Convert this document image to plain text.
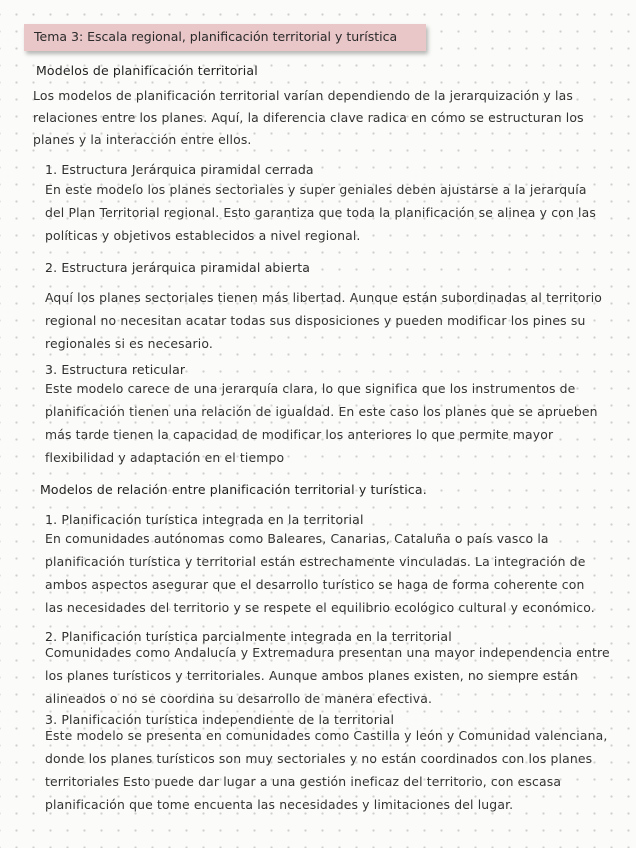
Tema 3: Escala regional, planificación territorial y turística
Modelos de planificación territorial
Los modelos de planificación territorial varían dependiendo de la jerarquización y las
relaciones entre los planes. Aquí, la diferencia clave radica en cómo se estructuran los
planes y la interacción entre ellos.
1. Estructura Jerárquica piramidal cerrada
En este modelo los planes sectoriales y super geniales deben ajustarse a la jerarquía
del Plan Territorial regional. Esto garantiza que toda la planificación se alinea y con las
políticas y objetivos establecidos a nivel regional.
2. Estructura jerárquica piramidal abierta
Aquí los planes sectoriales tienen más libertad. Aunque están subordinadas al territorio
regional no necesitan acatar todas sus disposiciones y pueden modificar los pines su
regionales si es necesario.
3. Estructura reticular
Este modelo carece de una jerarquía clara, lo que significa que los instrumentos de
planificación tienen una relación de igualdad. En este caso los planes que se aprueben
más tarde tienen la capacidad de modificar los anteriores lo que permite mayor
flexibilidad y adaptación en el tiempo
Modelos de relación entre planificación territorial y turística.
1. Planificación turística integrada en la territorial
En comunidades autónomas como Baleares, Canarias, Cataluña o país vasco la
planificación turística y territorial están estrechamente vinculadas. La integración de
ambos aspectos asegurar que el desarrollo turístico se haga de forma coherente con
las necesidades del territorio y se respete el equilibrio ecológico cultural y económico.
2. Planificación turística parcialmente integrada en la territorial
Comunidades como Andalucía y Extremadura presentan una mayor independencia entre
los planes turísticos y territoriales. Aunque ambos planes existen, no siempre están
alineados o no se coordina su desarrollo de manera efectiva.
3. Planificación turística independiente de la territorial
Este modelo se presenta en comunidades como Castilla y león y Comunidad valenciana,
donde los planes turísticos son muy sectoriales y no están coordinados con los planes
territoriales Esto puede dar lugar a una gestión ineficaz del territorio, con escasa
planificación que tome encuenta las necesidades y limitaciones del lugar.
